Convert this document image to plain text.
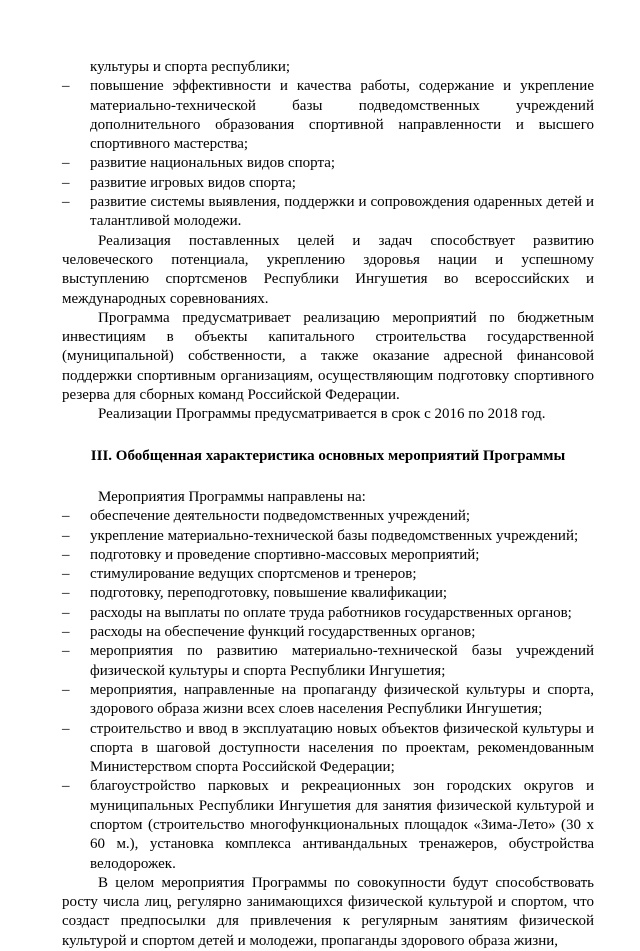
культуры и спорта республики;

–	повышение эффективности и качества работы, содержание и укрепление материально-технической базы подведомственных учреждений дополнительного образования спортивной направленности и высшего спортивного мастерства;
–	развитие национальных видов спорта;
–	развитие игровых видов спорта;
–	развитие системы выявления, поддержки и сопровождения одаренных детей и талантливой молодежи.

Реализация поставленных целей и задач способствует развитию человеческого потенциала, укреплению здоровья нации и успешному выступлению спортсменов Республики Ингушетия во всероссийских и международных соревнованиях.

Программа предусматривает реализацию мероприятий по бюджетным инвестициям в объекты капитального строительства государственной (муниципальной) собственности, а также оказание адресной финансовой поддержки спортивным организациям, осуществляющим подготовку спортивного резерва для сборных команд Российской Федерации.

Реализации Программы предусматривается в срок с 2016 по 2018 год.

III. Обобщенная характеристика основных мероприятий Программы

Мероприятия Программы направлены на:

–	обеспечение деятельности подведомственных учреждений;
–	укрепление материально-технической базы подведомственных учреждений;
–	подготовку и проведение спортивно-массовых мероприятий;
–	стимулирование ведущих спортсменов и тренеров;
–	подготовку, переподготовку, повышение квалификации;
–	расходы на выплаты по оплате труда работников государственных органов;
–	расходы на обеспечение функций государственных органов;
–	мероприятия по развитию материально-технической базы учреждений физической культуры и спорта Республики Ингушетия;
–	мероприятия, направленные на пропаганду физической культуры и спорта, здорового образа жизни всех слоев населения Республики Ингушетия;
–	строительство и ввод в эксплуатацию новых объектов физической культуры и спорта в шаговой доступности населения по проектам, рекомендованным Министерством спорта Российской Федерации;
–	благоустройство парковых и рекреационных зон городских округов и муниципальных Республики Ингушетия для занятия физической культурой и спортом (строительство многофункциональных площадок «Зима-Лето» (30 х 60 м.), установка комплекса антивандальных тренажеров, обустройства велодорожек.

В целом мероприятия Программы по совокупности будут способствовать росту числа лиц, регулярно занимающихся физической культурой и спортом, что создаст предпосылки для привлечения к регулярным занятиям физической культурой и спортом детей и молодежи, пропаганды здорового образа жизни,
